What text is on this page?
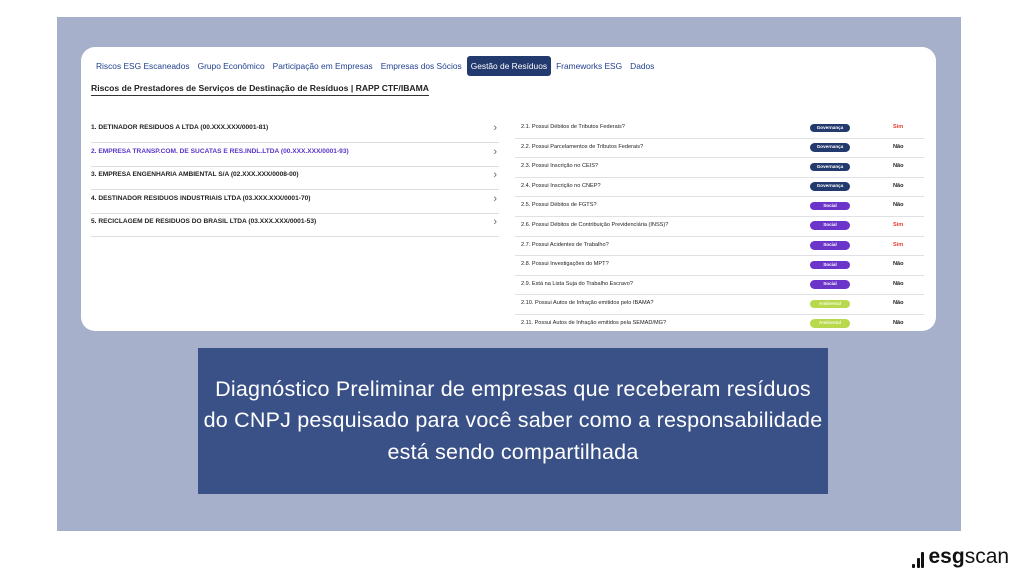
Riscos ESG Escaneados Grupo Econômico Participação em Empresas Empresas dos Sócios	Gestão de Resíduos	Frameworks ESG Dados
Riscos de Prestadores de Serviços de Destinação de Resíduos | RAPP CTF/IBAMA
1. DETINADOR RESIDUOS A LTDA (00.XXX.XXX/0001-81)	›
2. EMPRESA TRANSP.COM. DE SUCATAS E RES.INDL.LTDA (00.XXX.XXX/0001-93)	›
3. EMPRESA ENGENHARIA AMBIENTAL S/A (02.XXX.XXX/0008-00)	›
4. DESTINADOR RESIDUOS INDUSTRIAIS LTDA (03.XXX.XXX/0001-70)	›
5. RECICLAGEM DE RESIDUOS DO BRASIL LTDA (03.XXX.XXX/0001-53)	›
2.1. Possui Débitos de Tributos Federais?	Governança	Sim
2.2. Possui Parcelamentos de Tributos Federais?	Governança	Não
2.3. Possui Inscrição no CEIS?	Governança	Não
2.4. Possui Inscrição no CNEP?	Governança	Não
2.5. Possui Débitos de FGTS?	Social	Não
2.6. Possui Débitos de Contribuição Previdenciária (INSS)?	Social	Sim
2.7. Possui Acidentes de Trabalho?	Social	Sim
2.8. Possui Investigações do MPT?	Social	Não
2.9. Está na Lista Suja do Trabalho Escravo?	Social	Não
2.10. Possui Autos de Infração emitidos pelo IBAMA?	Ambiental	Não
2.11. Possui Autos de Infração emitidos pela SEMAD/MG?	Ambiental	Não

Diagnóstico Preliminar de empresas que receberam resíduos do CNPJ pesquisado para você saber como a responsabilidade está sendo compartilhada

esg scan
